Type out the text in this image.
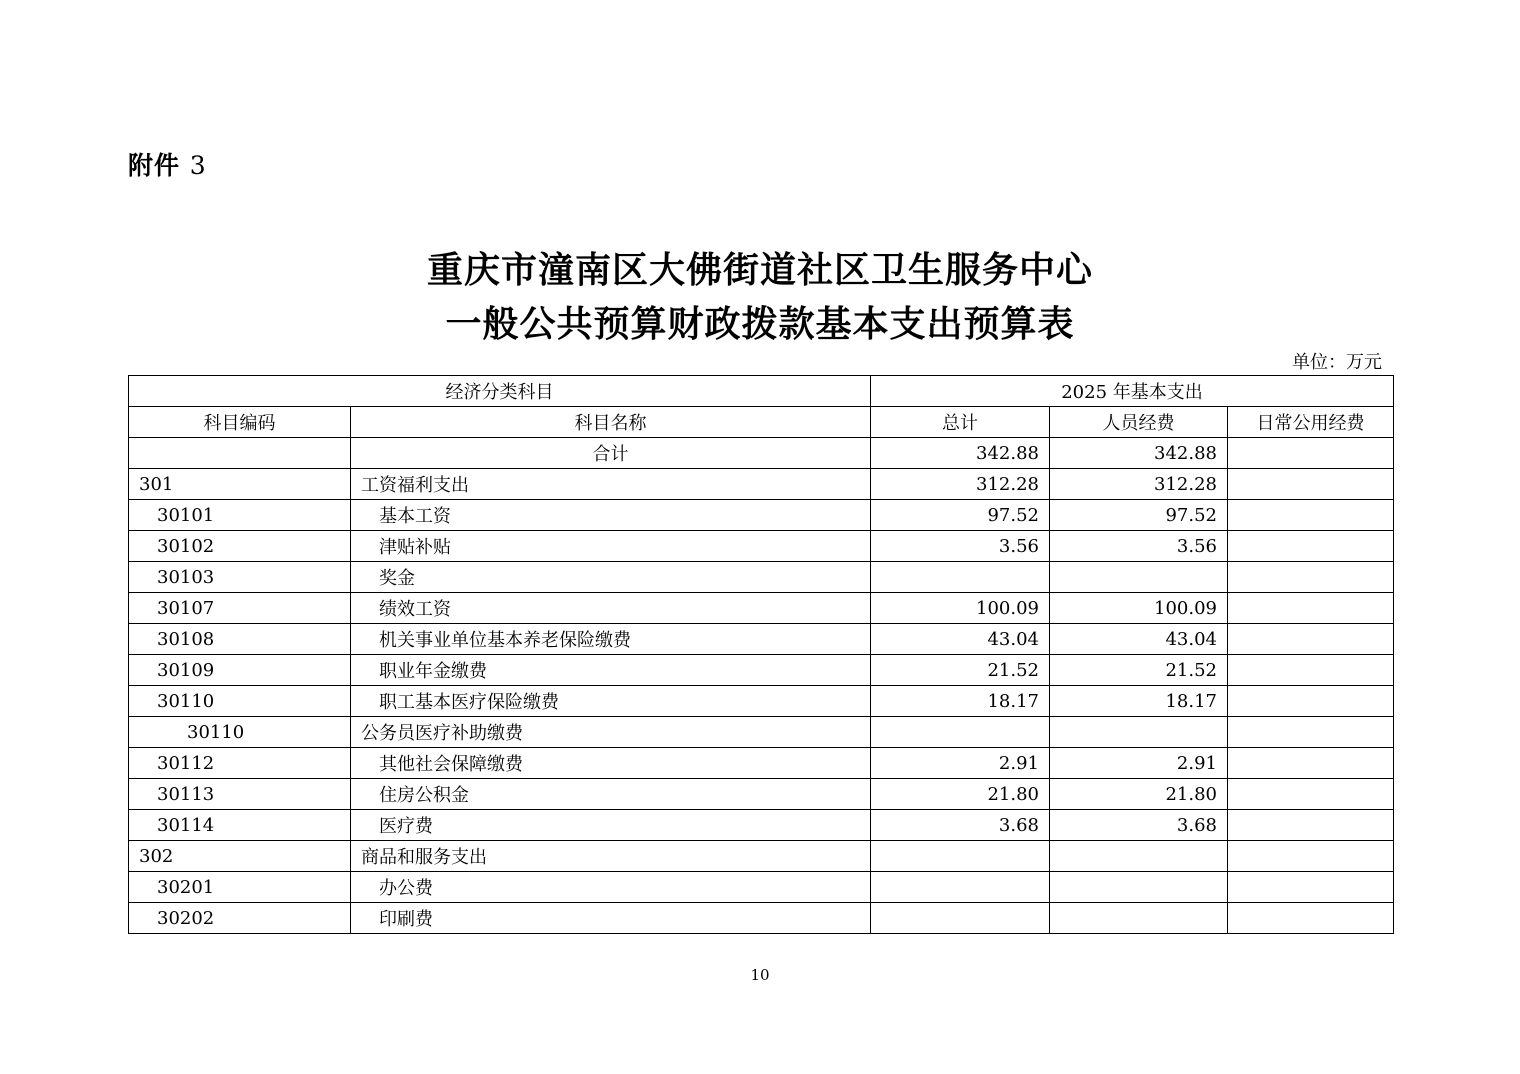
附件 3
重庆市潼南区大佛街道社区卫生服务中心
一般公共预算财政拨款基本支出预算表
单位：万元
经济分类科目		2025 年基本支出		
科目编码	科目名称	总计	人员经费	日常公用经费
	合计	342.88	342.88	
301	工资福利支出	312.28	312.28	
30101	基本工资	97.52	97.52	
30102	津贴补贴	3.56	3.56	
30103	奖金			
30107	绩效工资	100.09	100.09	
30108	机关事业单位基本养老保险缴费	43.04	43.04	
30109	职业年金缴费	21.52	21.52	
30110	职工基本医疗保险缴费	18.17	18.17	
30110	公务员医疗补助缴费			
30112	其他社会保障缴费	2.91	2.91	
30113	住房公积金	21.80	21.80	
30114	医疗费	3.68	3.68	
302	商品和服务支出			
30201	办公费			
30202	印刷费			
10
